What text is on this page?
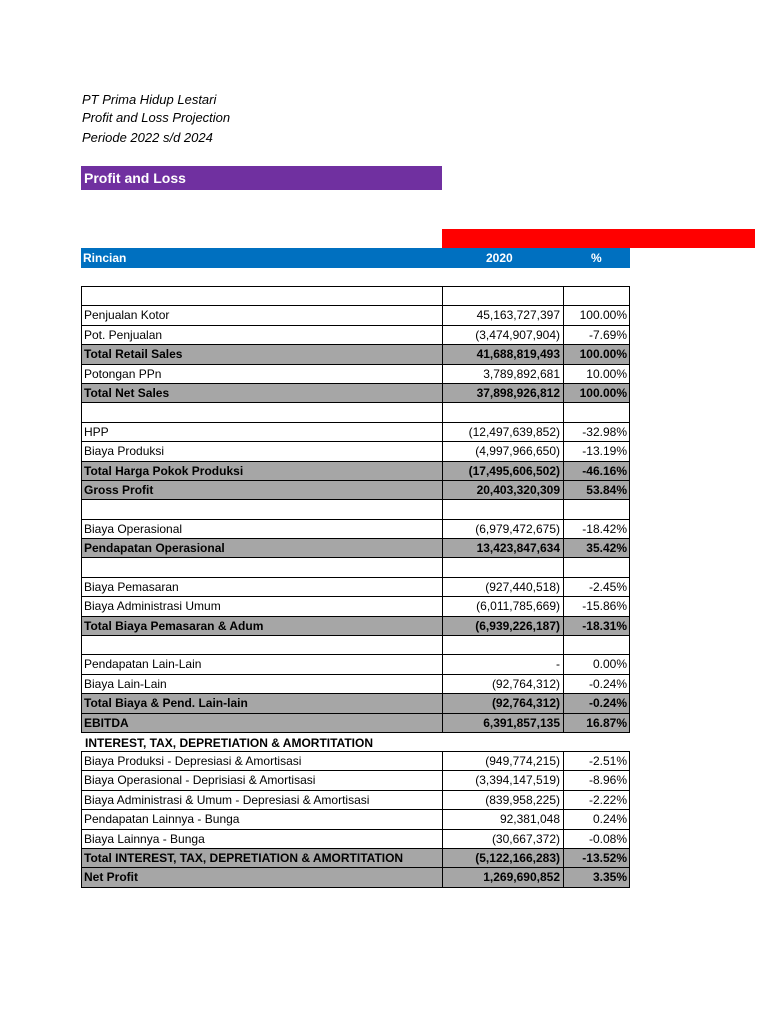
PT Prima Hidup Lestari
Profit and Loss Projection
Periode 2022 s/d 2024
Profit and Loss
Rincian	2020	%
Penjualan Kotor	45,163,727,397	100.00%
Pot. Penjualan	(3,474,907,904)	-7.69%
Total Retail Sales	41,688,819,493	100.00%
Potongan PPn	3,789,892,681	10.00%
Total Net Sales	37,898,926,812	100.00%
HPP	(12,497,639,852)	-32.98%
Biaya Produksi	(4,997,966,650)	-13.19%
Total Harga Pokok Produksi	(17,495,606,502)	-46.16%
Gross Profit	20,403,320,309	53.84%
Biaya Operasional	(6,979,472,675)	-18.42%
Pendapatan Operasional	13,423,847,634	35.42%
Biaya Pemasaran	(927,440,518)	-2.45%
Biaya Administrasi Umum	(6,011,785,669)	-15.86%
Total Biaya Pemasaran & Adum	(6,939,226,187)	-18.31%
Pendapatan Lain-Lain	-	0.00%
Biaya Lain-Lain	(92,764,312)	-0.24%
Total Biaya & Pend. Lain-lain	(92,764,312)	-0.24%
EBITDA	6,391,857,135	16.87%
INTEREST, TAX, DEPRETIATION & AMORTITATION
Biaya Produksi - Depresiasi & Amortisasi	(949,774,215)	-2.51%
Biaya Operasional - Deprisiasi & Amortisasi	(3,394,147,519)	-8.96%
Biaya Administrasi & Umum - Depresiasi & Amortisasi	(839,958,225)	-2.22%
Pendapatan Lainnya - Bunga	92,381,048	0.24%
Biaya Lainnya - Bunga	(30,667,372)	-0.08%
Total INTEREST, TAX, DEPRETIATION & AMORTITATION	(5,122,166,283)	-13.52%
Net Profit	1,269,690,852	3.35%
